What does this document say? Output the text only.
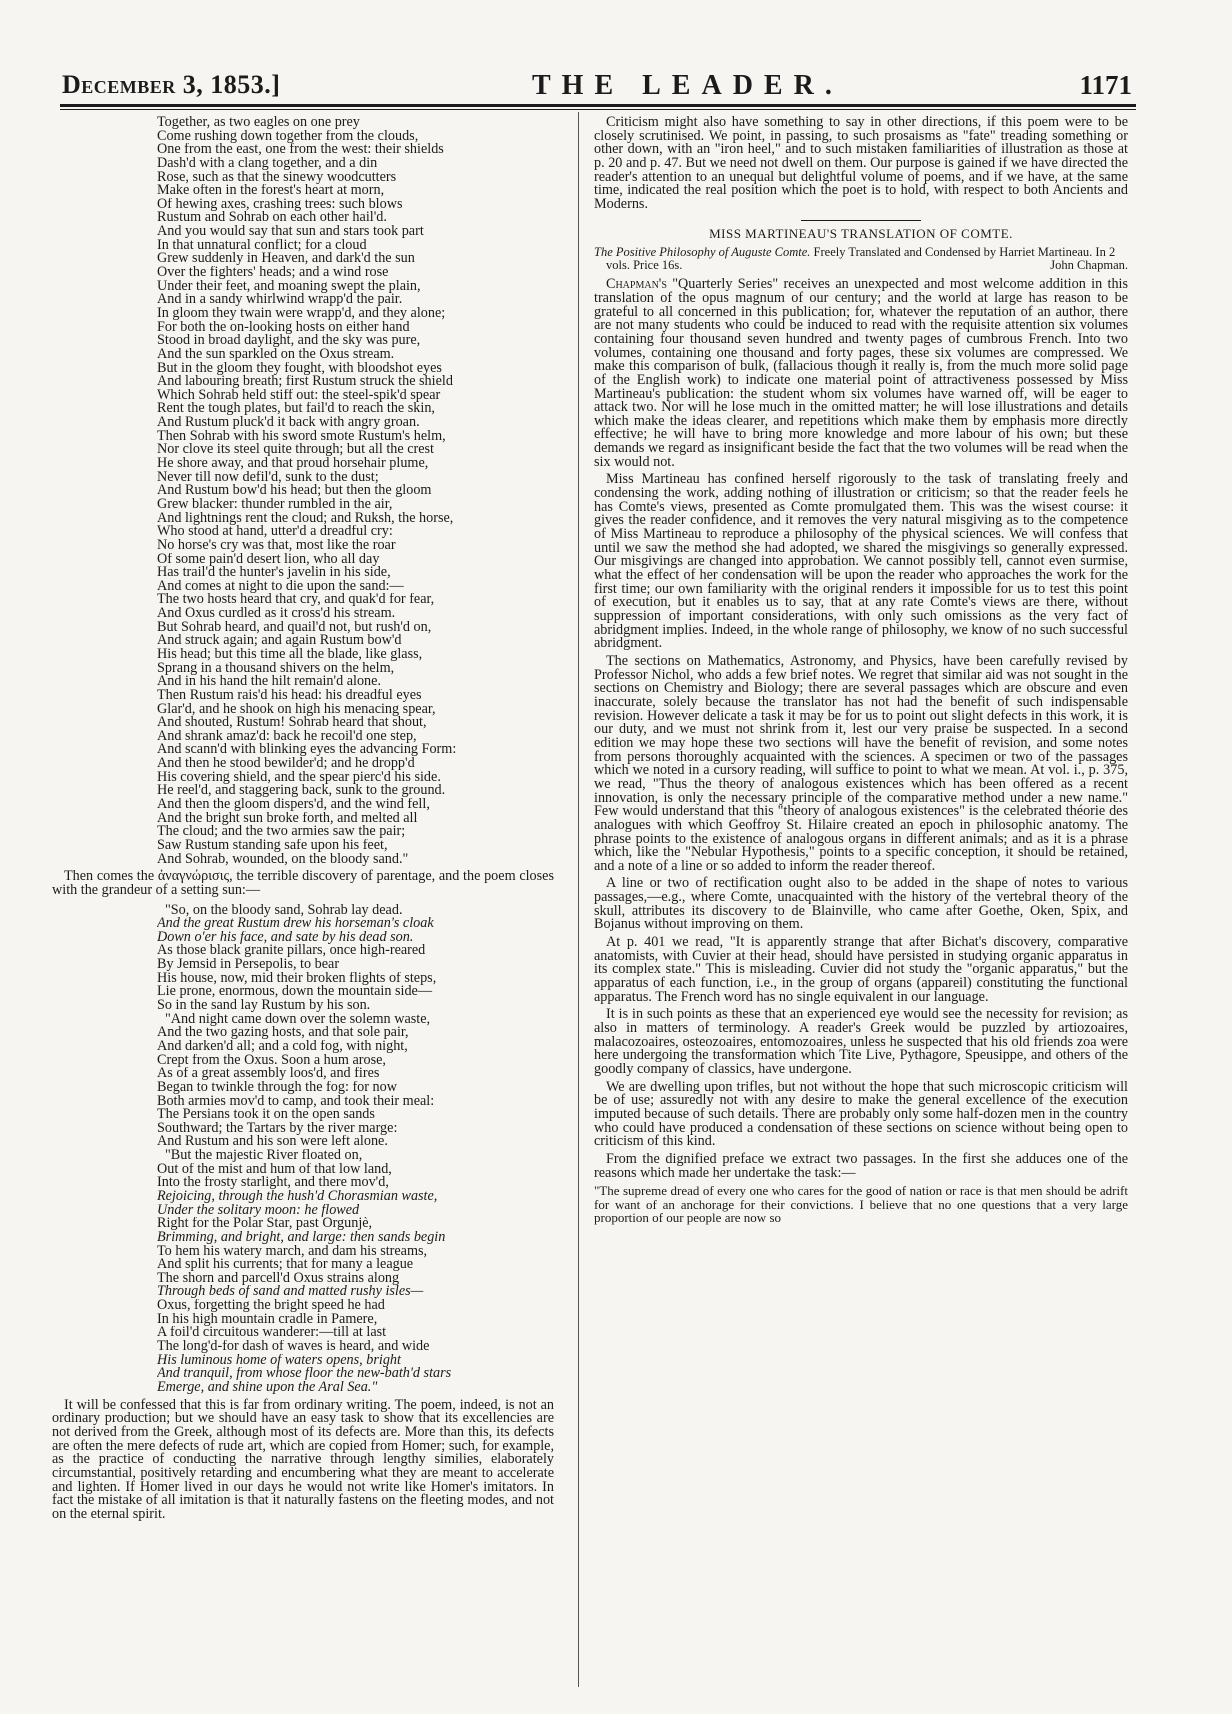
December 3, 1853.]	THE LEADER.	1171
Together, as two eagles on one prey
Come rushing down together from the clouds,
One from the east, one from the west: their shields
Dash'd with a clang together, and a din
Rose, such as that the sinewy woodcutters
Make often in the forest's heart at morn,
Of hewing axes, crashing trees: such blows
Rustum and Sohrab on each other hail'd.
And you would say that sun and stars took part
In that unnatural conflict; for a cloud
Grew suddenly in Heaven, and dark'd the sun
Over the fighters' heads; and a wind rose
Under their feet, and moaning swept the plain,
And in a sandy whirlwind wrapp'd the pair.
In gloom they twain were wrapp'd, and they alone;
For both the on-looking hosts on either hand
Stood in broad daylight, and the sky was pure,
And the sun sparkled on the Oxus stream.
But in the gloom they fought, with bloodshot eyes
And labouring breath; first Rustum struck the shield
Which Sohrab held stiff out: the steel-spik'd spear
Rent the tough plates, but fail'd to reach the skin,
And Rustum pluck'd it back with angry groan.
Then Sohrab with his sword smote Rustum's helm,
Nor clove its steel quite through; but all the crest
He shore away, and that proud horsehair plume,
Never till now defil'd, sunk to the dust;
And Rustum bow'd his head; but then the gloom
Grew blacker: thunder rumbled in the air,
And lightnings rent the cloud; and Ruksh, the horse,
Who stood at hand, utter'd a dreadful cry:
No horse's cry was that, most like the roar
Of some pain'd desert lion, who all day
Has trail'd the hunter's javelin in his side,
And comes at night to die upon the sand:—
The two hosts heard that cry, and quak'd for fear,
And Oxus curdled as it cross'd his stream.
But Sohrab heard, and quail'd not, but rush'd on,
And struck again; and again Rustum bow'd
His head; but this time all the blade, like glass,
Sprang in a thousand shivers on the helm,
And in his hand the hilt remain'd alone.
Then Rustum rais'd his head: his dreadful eyes
Glar'd, and he shook on high his menacing spear,
And shouted, Rustum! Sohrab heard that shout,
And shrank amaz'd: back he recoil'd one step,
And scann'd with blinking eyes the advancing Form:
And then he stood bewilder'd; and he dropp'd
His covering shield, and the spear pierc'd his side.
He reel'd, and staggering back, sunk to the ground.
And then the gloom dispers'd, and the wind fell,
And the bright sun broke forth, and melted all
The cloud; and the two armies saw the pair;
Saw Rustum standing safe upon his feet,
And Sohrab, wounded, on the bloody sand."

Then comes the ἀναγνώρισις, the terrible discovery of parentage, and the poem closes with the grandeur of a setting sun:—

"So, on the bloody sand, Sohrab lay dead.
And the great Rustum drew his horseman's cloak
Down o'er his face, and sate by his dead son.
As those black granite pillars, once high-reared
By Jemsid in Persepolis, to bear
His house, now, mid their broken flights of steps,
Lie prone, enormous, down the mountain side—
So in the sand lay Rustum by his son.
"And night came down over the solemn waste,
And the two gazing hosts, and that sole pair,
And darken'd all; and a cold fog, with night,
Crept from the Oxus. Soon a hum arose,
As of a great assembly loos'd, and fires
Began to twinkle through the fog: for now
Both armies mov'd to camp, and took their meal:
The Persians took it on the open sands
Southward; the Tartars by the river marge:
And Rustum and his son were left alone.
"But the majestic River floated on,
Out of the mist and hum of that low land,
Into the frosty starlight, and there mov'd,
Rejoicing, through the hush'd Chorasmian waste,
Under the solitary moon: he flowed
Right for the Polar Star, past Orgunjè,
Brimming, and bright, and large: then sands begin
To hem his watery march, and dam his streams,
And split his currents; that for many a league
The shorn and parcell'd Oxus strains along
Through beds of sand and matted rushy isles—
Oxus, forgetting the bright speed he had
In his high mountain cradle in Pamere,
A foil'd circuitous wanderer:—till at last
The long'd-for dash of waves is heard, and wide
His luminous home of waters opens, bright
And tranquil, from whose floor the new-bath'd stars
Emerge, and shine upon the Aral Sea."

It will be confessed that this is far from ordinary writing. The poem, indeed, is not an ordinary production; but we should have an easy task to show that its excellencies are not derived from the Greek, although most of its defects are. More than this, its defects are often the mere defects of rude art, which are copied from Homer; such, for example, as the practice of conducting the narrative through lengthy similies, elaborately circumstantial, positively retarding and encumbering what they are meant to accelerate and lighten. If Homer lived in our days he would not write like Homer's imitators. In fact the mistake of all imitation is that it naturally fastens on the fleeting modes, and not on the eternal spirit.

Criticism might also have something to say in other directions, if this poem were to be closely scrutinised. We point, in passing, to such prosaisms as "fate" treading something or other down, with an "iron heel," and to such mistaken familiarities of illustration as those at p. 20 and p. 47. But we need not dwell on them. Our purpose is gained if we have directed the reader's attention to an unequal but delightful volume of poems, and if we have, at the same time, indicated the real position which the poet is to hold, with respect to both Ancients and Moderns.

MISS MARTINEAU'S TRANSLATION OF COMTE.

The Positive Philosophy of Auguste Comte. Freely Translated and Condensed by Harriet Martineau. In 2 vols. Price 16s.	John Chapman.

Chapman's "Quarterly Series" receives an unexpected and most welcome addition in this translation of the opus magnum of our century; and the world at large has reason to be grateful to all concerned in this publication; for, whatever the reputation of an author, there are not many students who could be induced to read with the requisite attention six volumes containing four thousand seven hundred and twenty pages of cumbrous French. Into two volumes, containing one thousand and forty pages, these six volumes are compressed. We make this comparison of bulk, (fallacious though it really is, from the much more solid page of the English work) to indicate one material point of attractiveness possessed by Miss Martineau's publication: the student whom six volumes have warned off, will be eager to attack two. Nor will he lose much in the omitted matter; he will lose illustrations and details which make the ideas clearer, and repetitions which make them by emphasis more directly effective; he will have to bring more knowledge and more labour of his own; but these demands we regard as insignificant beside the fact that the two volumes will be read when the six would not.

Miss Martineau has confined herself rigorously to the task of translating freely and condensing the work, adding nothing of illustration or criticism; so that the reader feels he has Comte's views, presented as Comte promulgated them. This was the wisest course: it gives the reader confidence, and it removes the very natural misgiving as to the competence of Miss Martineau to reproduce a philosophy of the physical sciences. We will confess that until we saw the method she had adopted, we shared the misgivings so generally expressed. Our misgivings are changed into approbation. We cannot possibly tell, cannot even surmise, what the effect of her condensation will be upon the reader who approaches the work for the first time; our own familiarity with the original renders it impossible for us to test this point of execution, but it enables us to say, that at any rate Comte's views are there, without suppression of important considerations, with only such omissions as the very fact of abridgment implies. Indeed, in the whole range of philosophy, we know of no such successful abridgment.

The sections on Mathematics, Astronomy, and Physics, have been carefully revised by Professor Nichol, who adds a few brief notes. We regret that similar aid was not sought in the sections on Chemistry and Biology; there are several passages which are obscure and even inaccurate, solely because the translator has not had the benefit of such indispensable revision. However delicate a task it may be for us to point out slight defects in this work, it is our duty, and we must not shrink from it, lest our very praise be suspected. In a second edition we may hope these two sections will have the benefit of revision, and some notes from persons thoroughly acquainted with the sciences. A specimen or two of the passages which we noted in a cursory reading, will suffice to point to what we mean. At vol. i., p. 375, we read, "Thus the theory of analogous existences which has been offered as a recent innovation, is only the necessary principle of the comparative method under a new name." Few would understand that this "theory of analogous existences" is the celebrated théorie des analogues with which Geoffroy St. Hilaire created an epoch in philosophic anatomy. The phrase points to the existence of analogous organs in different animals; and as it is a phrase which, like the "Nebular Hypothesis," points to a specific conception, it should be retained, and a note of a line or so added to inform the reader thereof.

A line or two of rectification ought also to be added in the shape of notes to various passages,—e.g., where Comte, unacquainted with the history of the vertebral theory of the skull, attributes its discovery to de Blainville, who came after Goethe, Oken, Spix, and Bojanus without improving on them.

At p. 401 we read, "It is apparently strange that after Bichat's discovery, comparative anatomists, with Cuvier at their head, should have persisted in studying organic apparatus in its complex state." This is misleading. Cuvier did not study the "organic apparatus," but the apparatus of each function, i.e., in the group of organs (appareil) constituting the functional apparatus. The French word has no single equivalent in our language.

It is in such points as these that an experienced eye would see the necessity for revision; as also in matters of terminology. A reader's Greek would be puzzled by artiozoaires, malacozoaires, osteozoaires, entomozoaires, unless he suspected that his old friends zoa were here undergoing the transformation which Tite Live, Pythagore, Speusippe, and others of the goodly company of classics, have undergone.

We are dwelling upon trifles, but not without the hope that such microscopic criticism will be of use; assuredly not with any desire to make the general excellence of the execution imputed because of such details. There are probably only some half-dozen men in the country who could have produced a condensation of these sections on science without being open to criticism of this kind.

From the dignified preface we extract two passages. In the first she adduces one of the reasons which made her undertake the task:—

"The supreme dread of every one who cares for the good of nation or race is that men should be adrift for want of an anchorage for their convictions. I believe that no one questions that a very large proportion of our people are now so
